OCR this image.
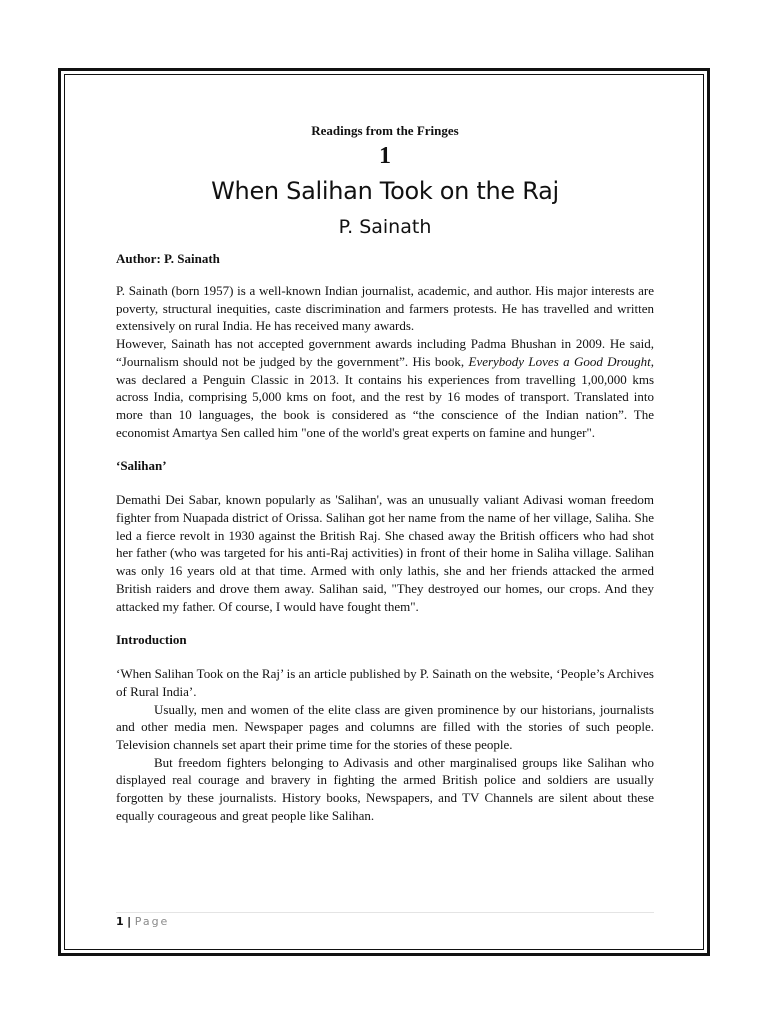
Readings from the Fringes
1
When Salihan Took on the Raj
P. Sainath
Author: P. Sainath

P. Sainath (born 1957) is a well-known Indian journalist, academic, and author. His major interests are poverty, structural inequities, caste discrimination and farmers protests. He has travelled and written extensively on rural India. He has received many awards.

However, Sainath has not accepted government awards including Padma Bhushan in 2009. He said, “Journalism should not be judged by the government”. His book, Everybody Loves a Good Drought, was declared a Penguin Classic in 2013. It contains his experiences from travelling 1,00,000 kms across India, comprising 5,000 kms on foot, and the rest by 16 modes of transport. Translated into more than 10 languages, the book is considered as “the conscience of the Indian nation”. The economist Amartya Sen called him "one of the world's great experts on famine and hunger".

‘Salihan’

Demathi Dei Sabar, known popularly as 'Salihan', was an unusually valiant Adivasi woman freedom fighter from Nuapada district of Orissa. Salihan got her name from the name of her village, Saliha. She led a fierce revolt in 1930 against the British Raj. She chased away the British officers who had shot her father (who was targeted for his anti-Raj activities) in front of their home in Saliha village. Salihan was only 16 years old at that time. Armed with only lathis, she and her friends attacked the armed British raiders and drove them away. Salihan said, "They destroyed our homes, our crops. And they attacked my father. Of course, I would have fought them".

Introduction

‘When Salihan Took on the Raj’ is an article published by P. Sainath on the website, ‘People’s Archives of Rural India’.

Usually, men and women of the elite class are given prominence by our historians, journalists and other media men. Newspaper pages and columns are filled with the stories of such people. Television channels set apart their prime time for the stories of these people.

But freedom fighters belonging to Adivasis and other marginalised groups like Salihan who displayed real courage and bravery in fighting the armed British police and soldiers are usually forgotten by these journalists. History books, Newspapers, and TV Channels are silent about these equally courageous and great people like Salihan.

1 | Page
